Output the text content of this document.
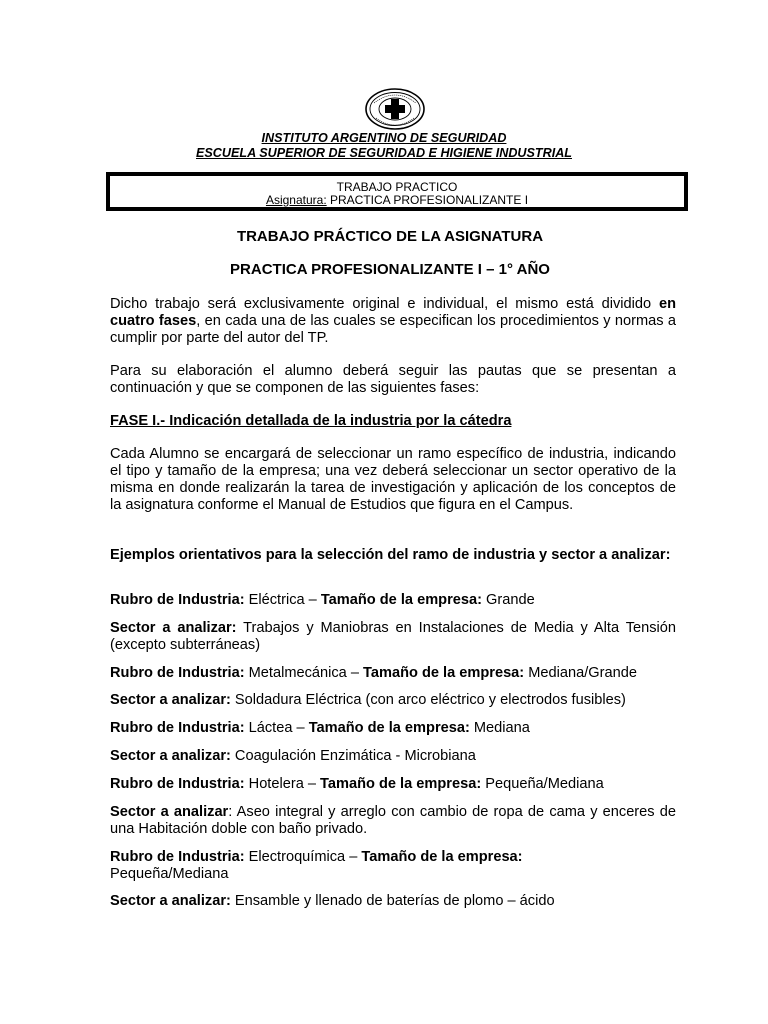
INSTITUTO ARGENTINO DE SEGURIDAD
ESCUELA SUPERIOR DE SEGURIDAD E HIGIENE INDUSTRIAL
TRABAJO PRACTICO
Asignatura: PRACTICA PROFESIONALIZANTE I
TRABAJO PRÁCTICO DE LA ASIGNATURA
PRACTICA PROFESIONALIZANTE I – 1° AÑO
Dicho trabajo será exclusivamente original e individual, el mismo está dividido en cuatro fases, en cada una de las cuales se especifican los procedimientos y normas a cumplir por parte del autor del TP.
Para su elaboración el alumno deberá seguir las pautas que se presentan a continuación y que se componen de las siguientes fases:
FASE I.- Indicación detallada de la industria por la cátedra
Cada Alumno se encargará de seleccionar un ramo específico de industria, indicando el tipo y tamaño de la empresa; una vez deberá seleccionar un sector operativo de la misma en donde realizarán la tarea de investigación y aplicación de los conceptos de la asignatura conforme el Manual de Estudios que figura en el Campus.
Ejemplos orientativos para la selección del ramo de industria y sector a analizar:
Rubro de Industria: Eléctrica – Tamaño de la empresa: Grande
Sector a analizar: Trabajos y Maniobras en Instalaciones de Media y Alta Tensión (excepto subterráneas)
Rubro de Industria: Metalmecánica – Tamaño de la empresa: Mediana/Grande
Sector a analizar: Soldadura Eléctrica (con arco eléctrico y electrodos fusibles)
Rubro de Industria: Láctea – Tamaño de la empresa: Mediana
Sector a analizar: Coagulación Enzimática - Microbiana
Rubro de Industria: Hotelera – Tamaño de la empresa: Pequeña/Mediana
Sector a analizar: Aseo integral y arreglo con cambio de ropa de cama y enceres de una Habitación doble con baño privado.
Rubro de Industria: Electroquímica – Tamaño de la empresa:
Pequeña/Mediana
Sector a analizar: Ensamble y llenado de baterías de plomo – ácido
